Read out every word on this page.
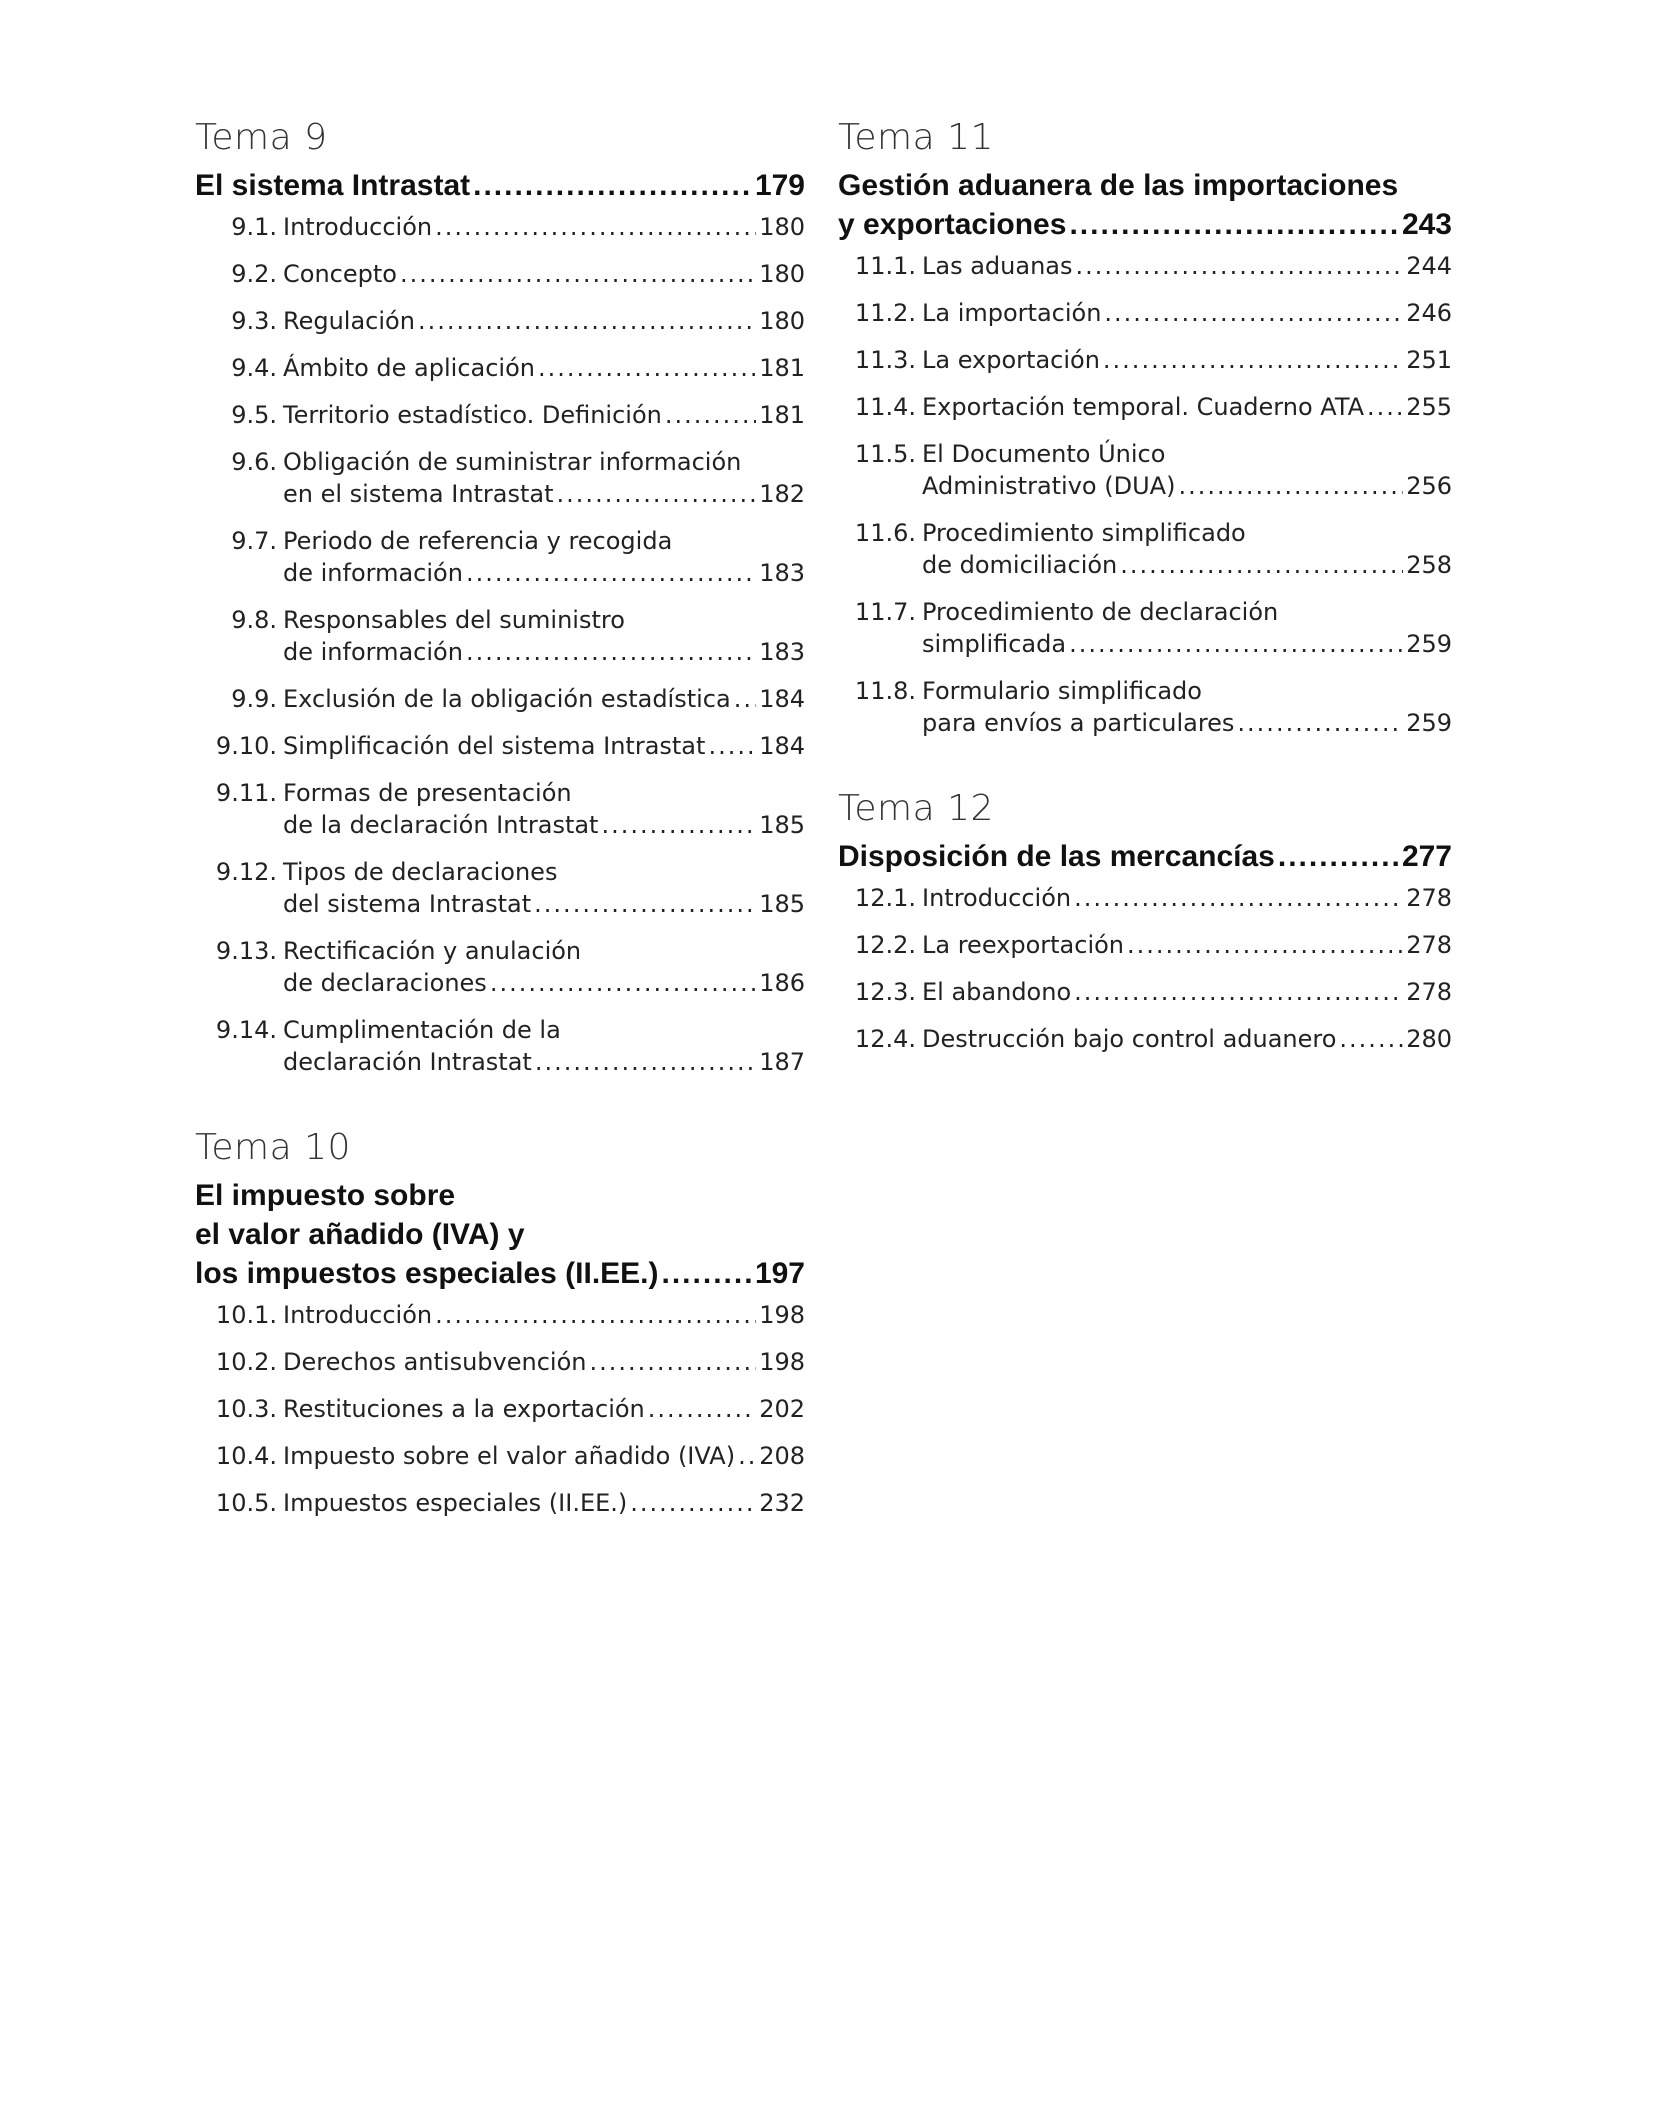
Tema 9
El sistema Intrastat .....	179
9.1. Introducción .....	180
9.2. Concepto .....	180
9.3. Regulación .....	180
9.4. Ámbito de aplicación .....	181
9.5. Territorio estadístico. Definición .....	181
9.6. Obligación de suministrar información
en el sistema Intrastat .....	182
9.7. Periodo de referencia y recogida
de información .....	183
9.8. Responsables del suministro
de información .....	183
9.9. Exclusión de la obligación estadística ..... 184
9.10. Simplificación del sistema Intrastat ..... 184
9.11. Formas de presentación
de la declaración Intrastat .....	185
9.12. Tipos de declaraciones
del sistema Intrastat .....	185
9.13. Rectificación y anulación
de declaraciones .....	186
9.14. Cumplimentación de la
declaración Intrastat .....	187
Tema 10
El impuesto sobre
el valor añadido (IVA) y
los impuestos especiales (II.EE.) .....	197
10.1. Introducción .....	198
10.2. Derechos antisubvención .....	198
10.3. Restituciones a la exportación .....	202
10.4. Impuesto sobre el valor añadido (IVA) ..... 208
10.5. Impuestos especiales (II.EE.) .....	232
Tema 11
Gestión aduanera de las importaciones
y exportaciones .....	243
11.1. Las aduanas .....	244
11.2. La importación .....	246
11.3. La exportación .....	251
11.4. Exportación temporal. Cuaderno ATA ..... 255
11.5. El Documento Único
Administrativo (DUA) .....	256
11.6. Procedimiento simplificado
de domiciliación .....	258
11.7. Procedimiento de declaración
simplificada .....	259
11.8. Formulario simplificado
para envíos a particulares .....	259
Tema 12
Disposición de las mercancías .....	277
12.1. Introducción .....	278
12.2. La reexportación .....	278
12.3. El abandono .....	278
12.4. Destrucción bajo control aduanero .....	280
